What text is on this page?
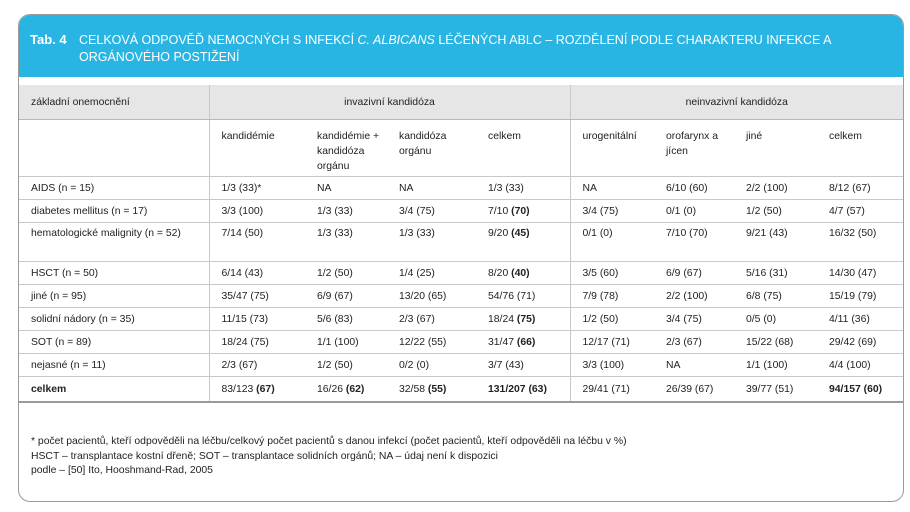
Tab. 4 CELKOVÁ ODPOVĚĎ NEMOCNÝCH S INFEKCÍ C. ALBICANS LÉČENÝCH ABLC – ROZDĚLENÍ PODLE CHARAKTERU INFEKCE A ORGÁNOVÉHO POSTIŽENÍ
základní onemocnění	invazivní kandidóza				neinvazivní kandidóza			
	kandidémie	kandidémie + kandidóza orgánu	kandidóza orgánu	celkem	urogenitální	orofarynx a jícen	jiné	celkem
AIDS (n = 15)	1/3 (33)*	NA	NA	1/3 (33)	NA	6/10 (60)	2/2 (100)	8/12 (67)
diabetes mellitus (n = 17)	3/3 (100)	1/3 (33)	3/4 (75)	7/10 (70)	3/4 (75)	0/1 (0)	1/2 (50)	4/7 (57)
hematologické malignity (n = 52)	7/14 (50)	1/3 (33)	1/3 (33)	9/20 (45)	0/1 (0)	7/10 (70)	9/21 (43)	16/32 (50)
HSCT (n = 50)	6/14 (43)	1/2 (50)	1/4 (25)	8/20 (40)	3/5 (60)	6/9 (67)	5/16 (31)	14/30 (47)
jiné (n = 95)	35/47 (75)	6/9 (67)	13/20 (65)	54/76 (71)	7/9 (78)	2/2 (100)	6/8 (75)	15/19 (79)
solidní nádory (n = 35)	11/15 (73)	5/6 (83)	2/3 (67)	18/24 (75)	1/2 (50)	3/4 (75)	0/5 (0)	4/11 (36)
SOT (n = 89)	18/24 (75)	1/1 (100)	12/22 (55)	31/47 (66)	12/17 (71)	2/3 (67)	15/22 (68)	29/42 (69)
nejasné (n = 11)	2/3 (67)	1/2 (50)	0/2 (0)	3/7 (43)	3/3 (100)	NA	1/1 (100)	4/4 (100)
celkem	83/123 (67)	16/26 (62)	32/58 (55)	131/207 (63)	29/41 (71)	26/39 (67)	39/77 (51)	94/157 (60)
* počet pacientů, kteří odpověděli na léčbu/celkový počet pacientů s danou infekcí (počet pacientů, kteří odpověděli na léčbu v %)
HSCT – transplantace kostní dřeně; SOT – transplantace solidních orgánů; NA – údaj není k dispozici
podle – [50] Ito, Hooshmand-Rad, 2005
